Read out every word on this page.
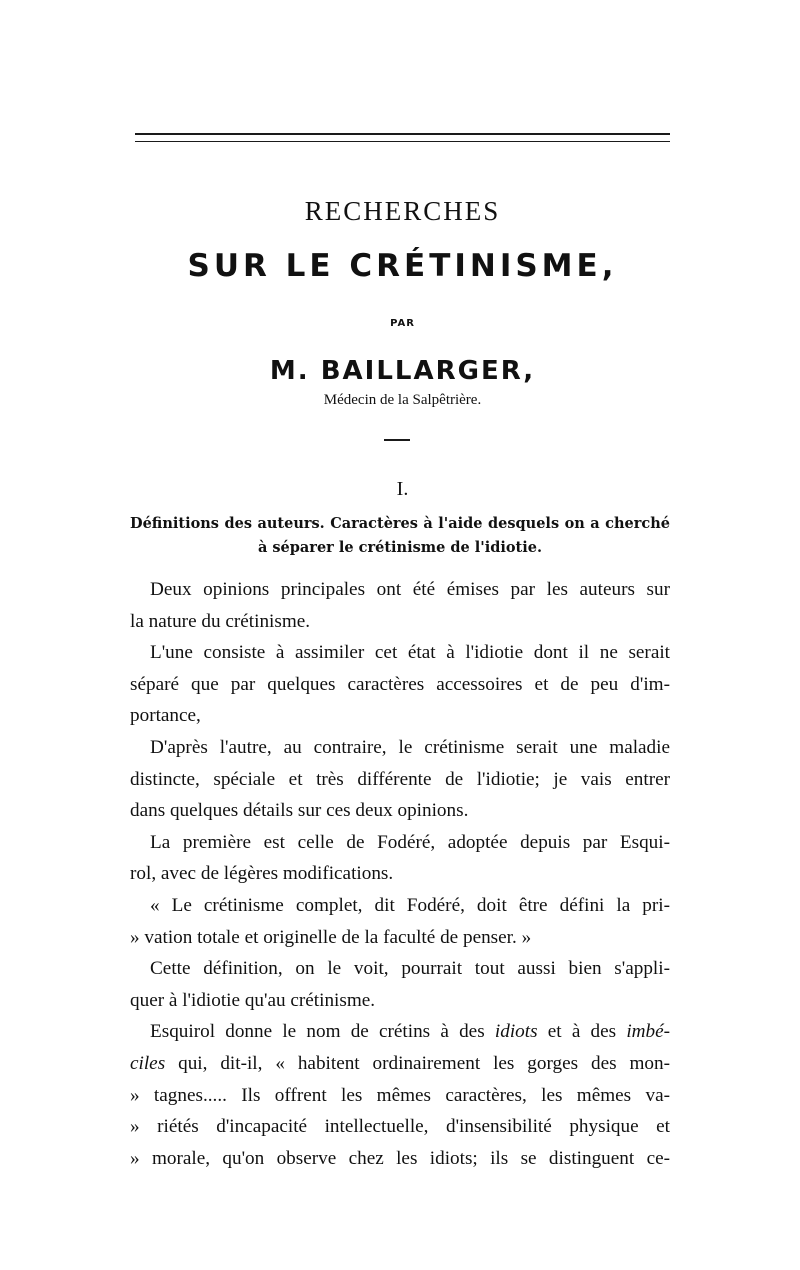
RECHERCHES
SUR LE CRÉTINISME,
PAR
M. BAILLARGER,
Médecin de la Salpêtrière.
I.
Définitions des auteurs. Caractères à l'aide desquels on a cherché
à séparer le crétinisme de l'idiotie.
Deux opinions principales ont été émises par les auteurs sur
la nature du crétinisme.
L'une consiste à assimiler cet état à l'idiotie dont il ne serait
séparé que par quelques caractères accessoires et de peu d'im-
portance,
D'après l'autre, au contraire, le crétinisme serait une maladie
distincte, spéciale et très différente de l'idiotie; je vais entrer
dans quelques détails sur ces deux opinions.
La première est celle de Fodéré, adoptée depuis par Esqui-
rol, avec de légères modifications.
« Le crétinisme complet, dit Fodéré, doit être défini la pri-
» vation totale et originelle de la faculté de penser. »
Cette définition, on le voit, pourrait tout aussi bien s'appli-
quer à l'idiotie qu'au crétinisme.
Esquirol donne le nom de crétins à des idiots et à des imbé-
ciles qui, dit-il, « habitent ordinairement les gorges des mon-
» tagnes..... Ils offrent les mêmes caractères, les mêmes va-
» riétés d'incapacité intellectuelle, d'insensibilité physique et
» morale, qu'on observe chez les idiots; ils se distinguent ce-
